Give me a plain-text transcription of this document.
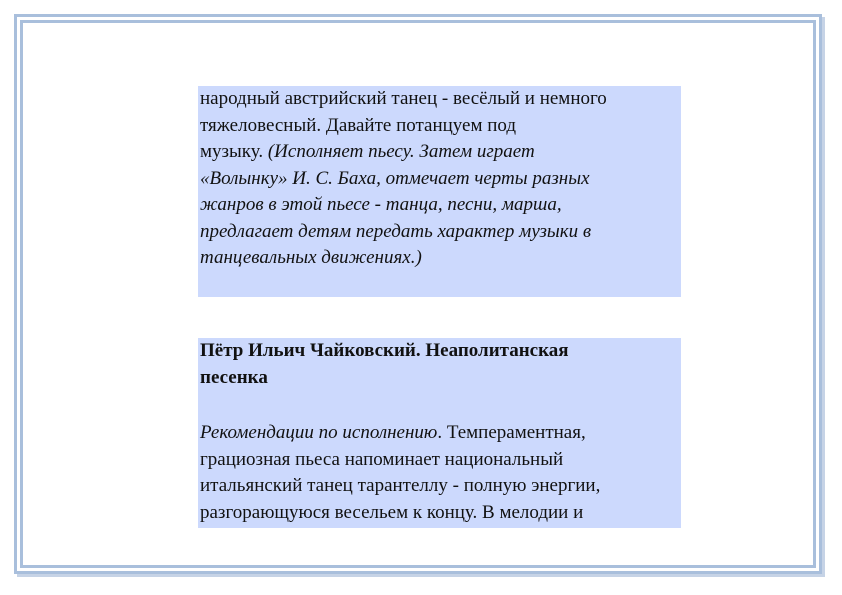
народный австрийский танец - весёлый и немного
тяжеловесный. Давайте потанцуем под
музыку. (Исполняет пьесу. Затем играет
«Волынку» И. С. Баха, отмечает черты разных
жанров в этой пьесе - танца, песни, марша,
предлагает детям передать характер музыки в
танцевальных движениях.)
Пётр Ильич Чайковский. Неаполитанская
песенка
Рекомендации по исполнению. Темпераментная,
грациозная пьеса напоминает национальный
итальянский танец тарантеллу - полную энергии,
разгорающуюся весельем к концу. В мелодии и
